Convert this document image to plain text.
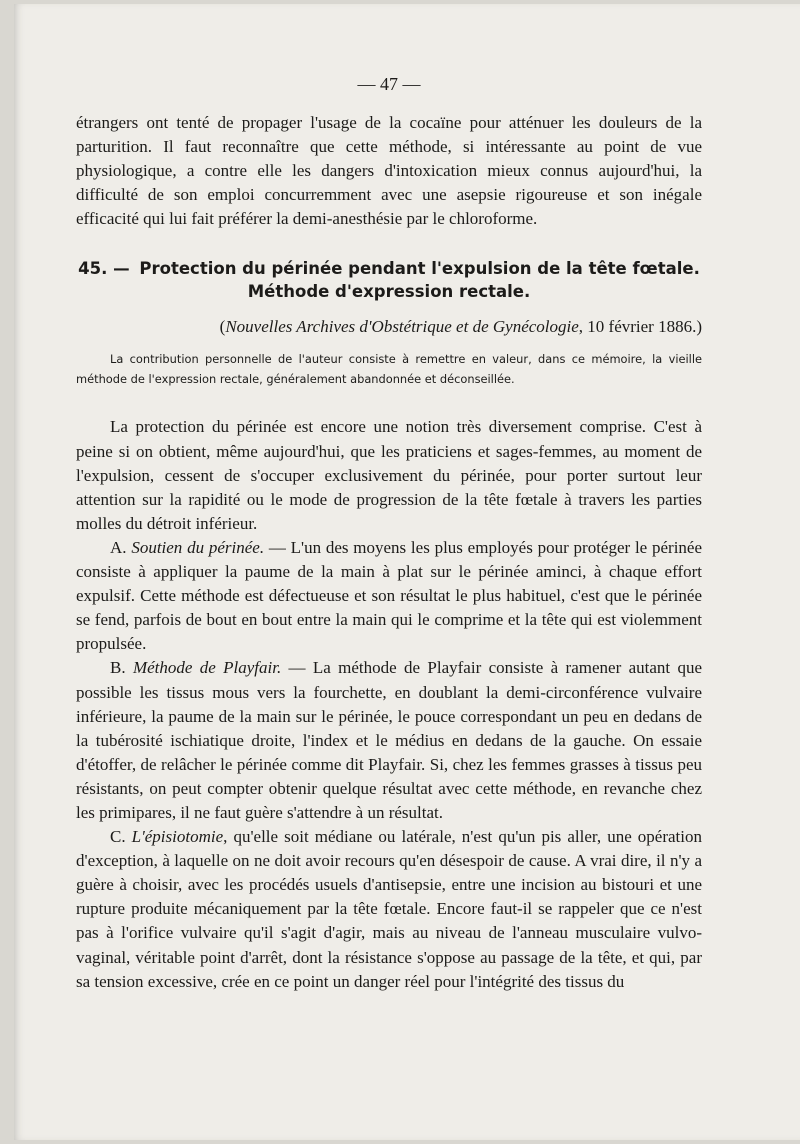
— 47 —

étrangers ont tenté de propager l'usage de la cocaïne pour atténuer les douleurs de la parturition. Il faut reconnaître que cette méthode, si intéressante au point de vue physiologique, a contre elle les dangers d'intoxication mieux connus aujourd'hui, la difficulté de son emploi concurremment avec une asepsie rigoureuse et son inégale efficacité qui lui fait préférer la demi-anesthésie par le chloroforme.

45. — Protection du périnée pendant l'expulsion de la tête fœtale.
Méthode d'expression rectale.
(Nouvelles Archives d'Obstétrique et de Gynécologie, 10 février 1886.)
La contribution personnelle de l'auteur consiste à remettre en valeur, dans ce mémoire, la vieille méthode de l'expression rectale, généralement abandonnée et déconseillée.

La protection du périnée est encore une notion très diversement comprise. C'est à peine si on obtient, même aujourd'hui, que les praticiens et sages-femmes, au moment de l'expulsion, cessent de s'occuper exclusivement du périnée, pour porter surtout leur attention sur la rapidité ou le mode de progression de la tête fœtale à travers les parties molles du détroit inférieur.

A. Soutien du périnée. — L'un des moyens les plus employés pour protéger le périnée consiste à appliquer la paume de la main à plat sur le périnée aminci, à chaque effort expulsif. Cette méthode est défectueuse et son résultat le plus habituel, c'est que le périnée se fend, parfois de bout en bout entre la main qui le comprime et la tête qui est violemment propulsée.

B. Méthode de Playfair. — La méthode de Playfair consiste à ramener autant que possible les tissus mous vers la fourchette, en doublant la demi-circonférence vulvaire inférieure, la paume de la main sur le périnée, le pouce correspondant un peu en dedans de la tubérosité ischiatique droite, l'index et le médius en dedans de la gauche. On essaie d'étoffer, de relâcher le périnée comme dit Playfair. Si, chez les femmes grasses à tissus peu résistants, on peut compter obtenir quelque résultat avec cette méthode, en revanche chez les primipares, il ne faut guère s'attendre à un résultat.

C. L'épisiotomie, qu'elle soit médiane ou latérale, n'est qu'un pis aller, une opération d'exception, à laquelle on ne doit avoir recours qu'en désespoir de cause. A vrai dire, il n'y a guère à choisir, avec les procédés usuels d'antisepsie, entre une incision au bistouri et une rupture produite mécaniquement par la tête fœtale. Encore faut-il se rappeler que ce n'est pas à l'orifice vulvaire qu'il s'agit d'agir, mais au niveau de l'anneau musculaire vulvo-vaginal, véritable point d'arrêt, dont la résistance s'oppose au passage de la tête, et qui, par sa tension excessive, crée en ce point un danger réel pour l'intégrité des tissus du
